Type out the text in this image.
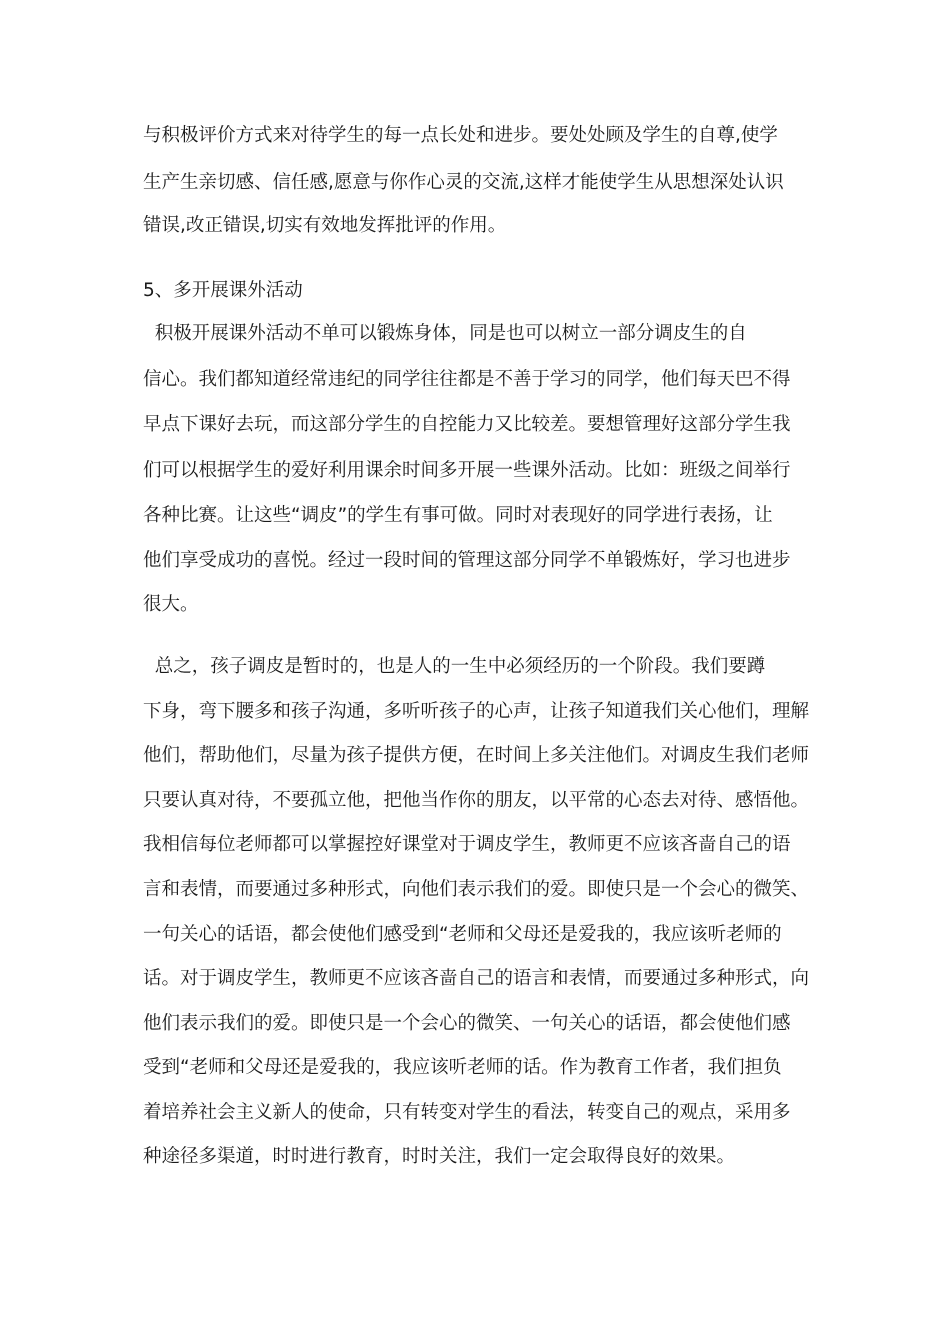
与积极评价方式来对待学生的每一点长处和进步。要处处顾及学生的自尊,使学
生产生亲切感、信任感,愿意与你作心灵的交流,这样才能使学生从思想深处认识
错误,改正错误,切实有效地发挥批评的作用。
5、多开展课外活动
积极开展课外活动不单可以锻炼身体，同是也可以树立一部分调皮生的自
信心。我们都知道经常违纪的同学往往都是不善于学习的同学，他们每天巴不得
早点下课好去玩，而这部分学生的自控能力又比较差。要想管理好这部分学生我
们可以根据学生的爱好利用课余时间多开展一些课外活动。比如：班级之间举行
各种比赛。让这些“调皮”的学生有事可做。同时对表现好的同学进行表扬，让
他们享受成功的喜悦。经过一段时间的管理这部分同学不单锻炼好，学习也进步
很大。
总之，孩子调皮是暂时的，也是人的一生中必须经历的一个阶段。我们要蹲
下身，弯下腰多和孩子沟通，多听听孩子的心声，让孩子知道我们关心他们，理解
他们，帮助他们，尽量为孩子提供方便，在时间上多关注他们。对调皮生我们老师
只要认真对待，不要孤立他，把他当作你的朋友，以平常的心态去对待、感悟他。
我相信每位老师都可以掌握控好课堂对于调皮学生，教师更不应该吝啬自己的语
言和表情，而要通过多种形式，向他们表示我们的爱。即使只是一个会心的微笑、
一句关心的话语，都会使他们感受到“老师和父母还是爱我的，我应该听老师的
话。对于调皮学生，教师更不应该吝啬自己的语言和表情，而要通过多种形式，向
他们表示我们的爱。即使只是一个会心的微笑、一句关心的话语，都会使他们感
受到“老师和父母还是爱我的，我应该听老师的话。作为教育工作者，我们担负
着培养社会主义新人的使命，只有转变对学生的看法，转变自己的观点，采用多
种途径多渠道，时时进行教育，时时关注，我们一定会取得良好的效果。
